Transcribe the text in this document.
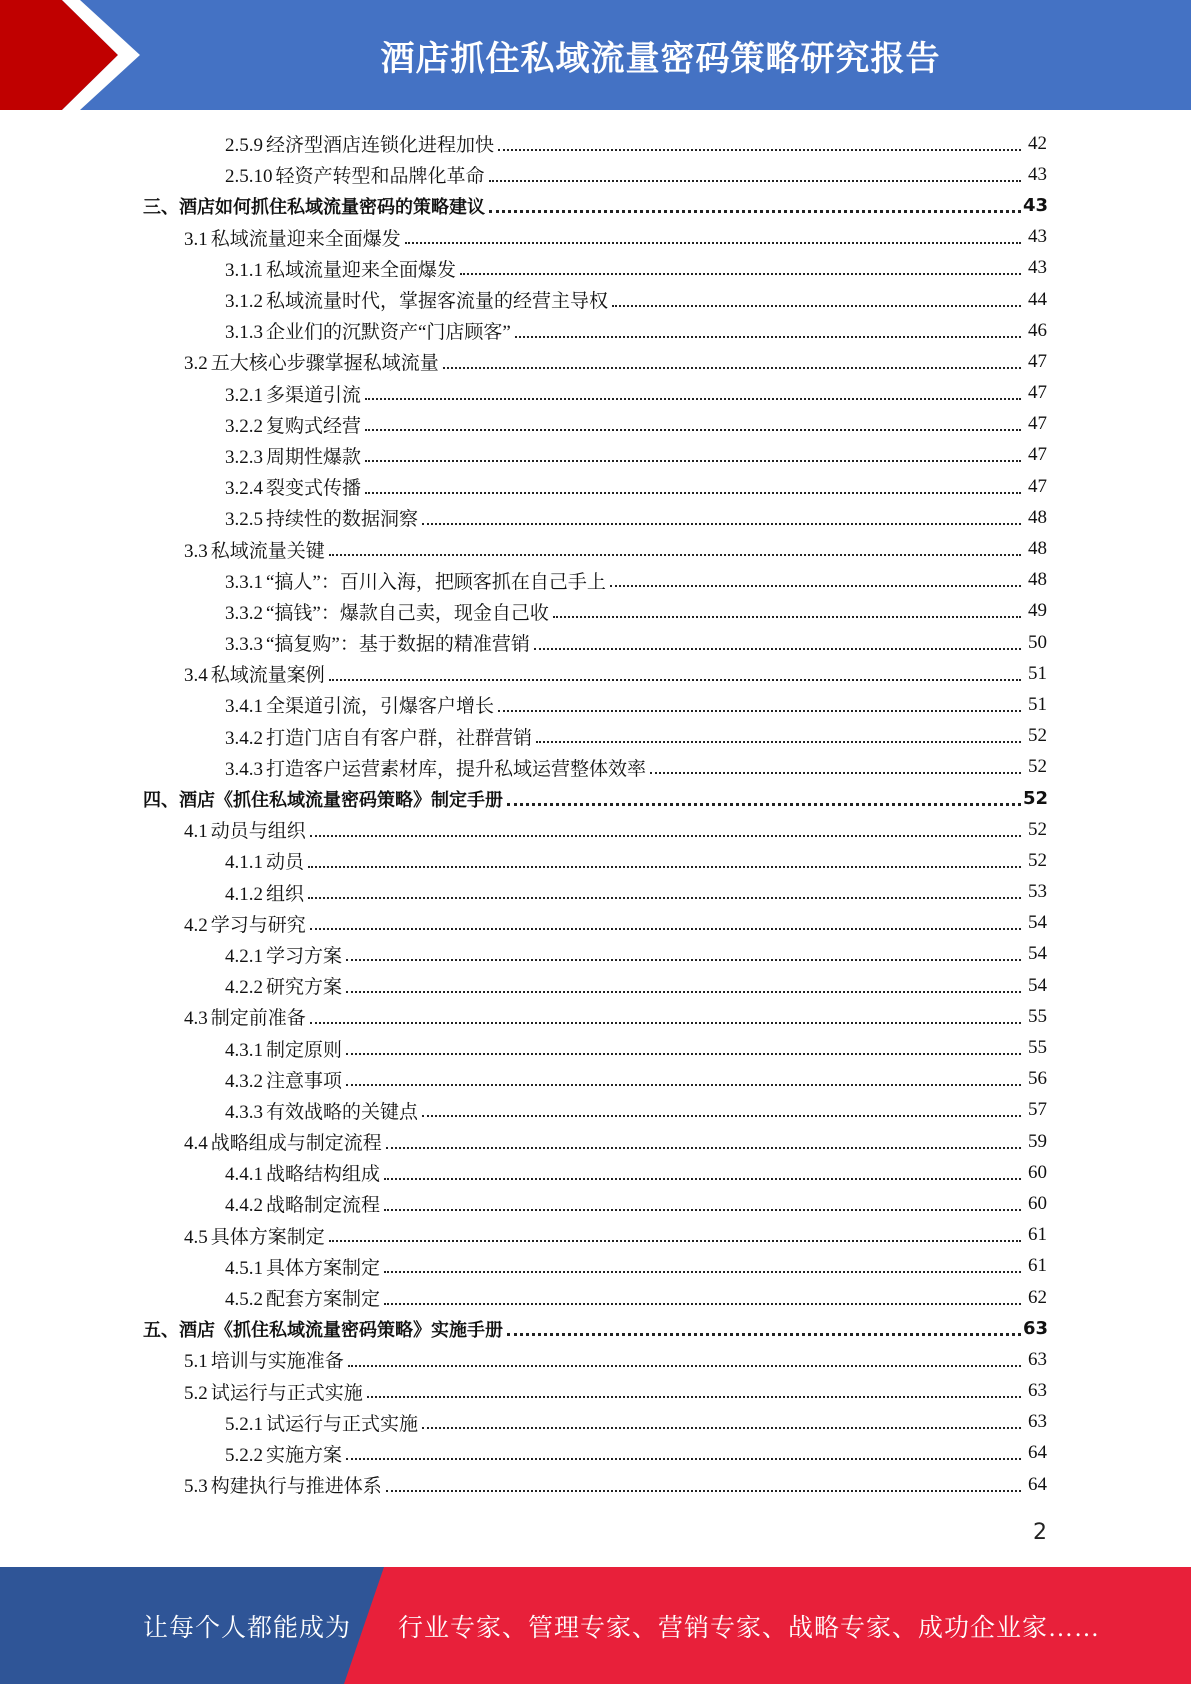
酒店抓住私域流量密码策略研究报告
2.5.9 经济型酒店连锁化进程加快	42
2.5.10 轻资产转型和品牌化革命	43
三、酒店如何抓住私域流量密码的策略建议	43
3.1 私域流量迎来全面爆发	43
3.1.1 私域流量迎来全面爆发	43
3.1.2 私域流量时代，掌握客流量的经营主导权	44
3.1.3 企业们的沉默资产“门店顾客”	46
3.2 五大核心步骤掌握私域流量	47
3.2.1 多渠道引流	47
3.2.2 复购式经营	47
3.2.3 周期性爆款	47
3.2.4 裂变式传播	47
3.2.5 持续性的数据洞察	48
3.3 私域流量关键	48
3.3.1 “搞人”：百川入海，把顾客抓在自己手上	48
3.3.2 “搞钱”：爆款自己卖，现金自己收	49
3.3.3 “搞复购”：基于数据的精准营销	50
3.4 私域流量案例	51
3.4.1 全渠道引流，引爆客户增长	51
3.4.2 打造门店自有客户群，社群营销	52
3.4.3 打造客户运营素材库，提升私域运营整体效率	52
四、酒店《抓住私域流量密码策略》制定手册	52
4.1 动员与组织	52
4.1.1 动员	52
4.1.2 组织	53
4.2 学习与研究	54
4.2.1 学习方案	54
4.2.2 研究方案	54
4.3 制定前准备	55
4.3.1 制定原则	55
4.3.2 注意事项	56
4.3.3 有效战略的关键点	57
4.4 战略组成与制定流程	59
4.4.1 战略结构组成	60
4.4.2 战略制定流程	60
4.5 具体方案制定	61
4.5.1 具体方案制定	61
4.5.2 配套方案制定	62
五、酒店《抓住私域流量密码策略》实施手册	63
5.1 培训与实施准备	63
5.2 试运行与正式实施	63
5.2.1 试运行与正式实施	63
5.2.2 实施方案	64
5.3 构建执行与推进体系	64
2
让每个人都能成为 行业专家、管理专家、营销专家、战略专家、成功企业家……
